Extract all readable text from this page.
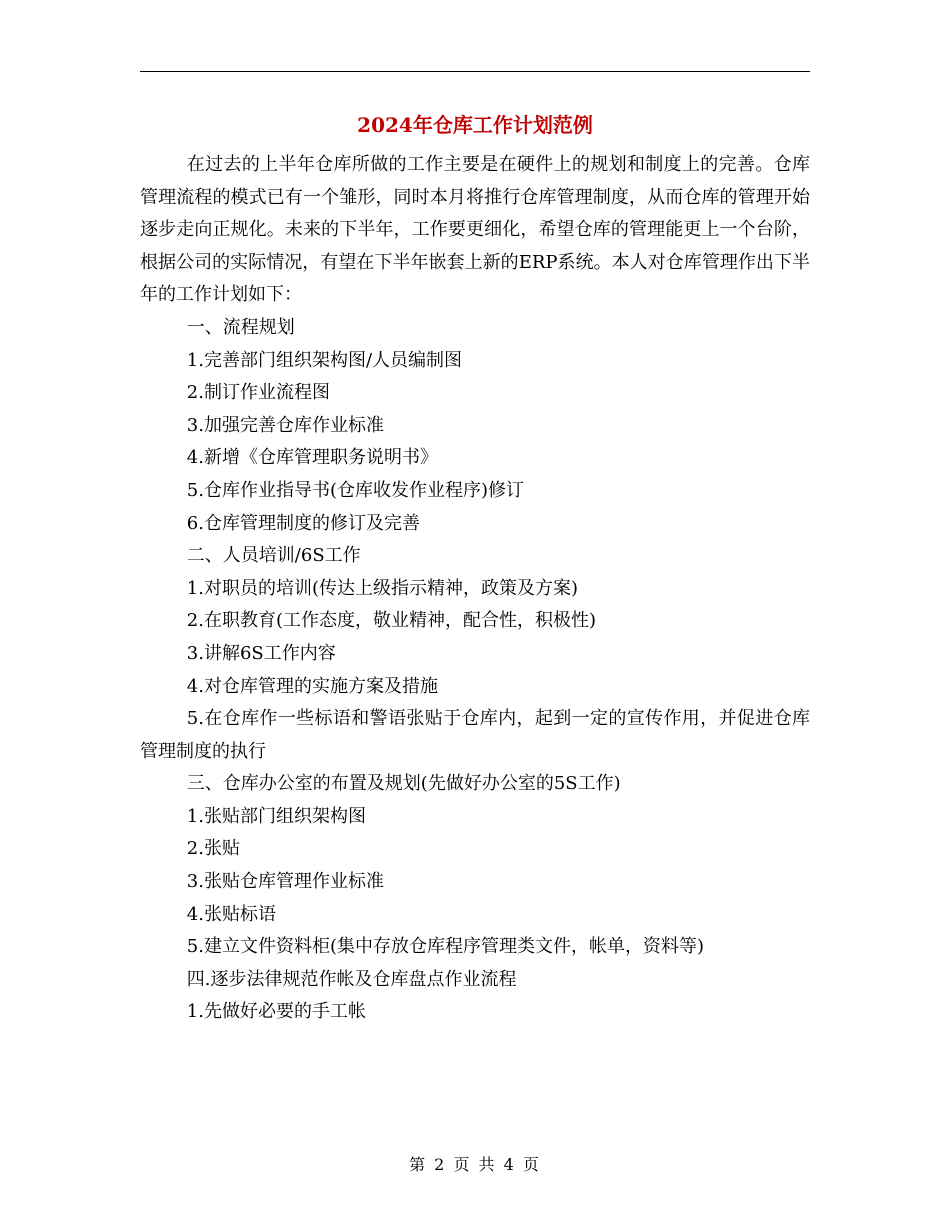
2024年仓库工作计划范例

在过去的上半年仓库所做的工作主要是在硬件上的规划和制度上的完善。仓库管理流程的模式已有一个雏形，同时本月将推行仓库管理制度，从而仓库的管理开始逐步走向正规化。未来的下半年，工作要更细化，希望仓库的管理能更上一个台阶，根据公司的实际情况，有望在下半年嵌套上新的ERP系统。本人对仓库管理作出下半年的工作计划如下：

一、流程规划

1.完善部门组织架构图/人员编制图

2.制订作业流程图

3.加强完善仓库作业标准

4.新增《仓库管理职务说明书》

5.仓库作业指导书(仓库收发作业程序)修订

6.仓库管理制度的修订及完善

二、人员培训/6S工作

1.对职员的培训(传达上级指示精神，政策及方案)

2.在职教育(工作态度，敬业精神，配合性，积极性)

3.讲解6S工作内容

4.对仓库管理的实施方案及措施

5.在仓库作一些标语和警语张贴于仓库内，起到一定的宣传作用，并促进仓库管理制度的执行

三、仓库办公室的布置及规划(先做好办公室的5S工作)

1.张贴部门组织架构图

2.张贴

3.张贴仓库管理作业标准

4.张贴标语

5.建立文件资料柜(集中存放仓库程序管理类文件，帐单，资料等)

四.逐步法律规范作帐及仓库盘点作业流程

1.先做好必要的手工帐

第 2 页 共 4 页
